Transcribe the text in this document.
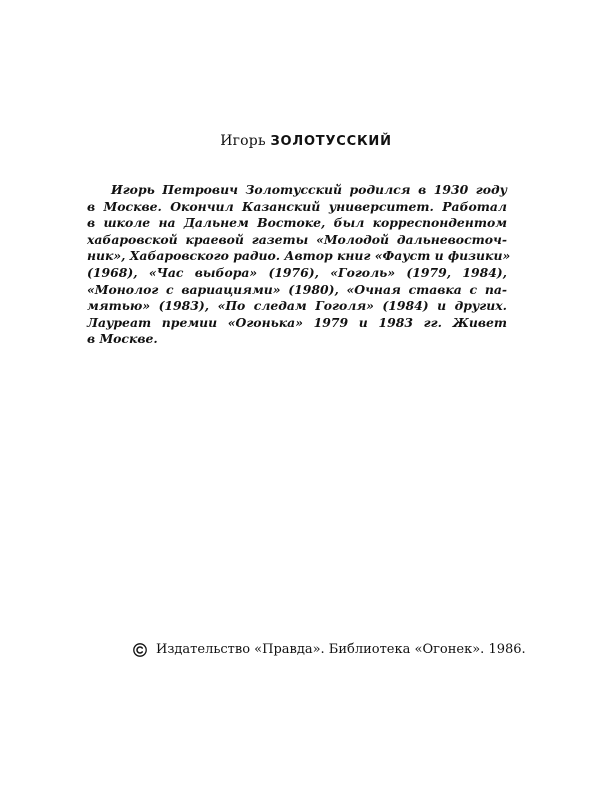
Игорь ЗОЛОТУССКИЙ
Игорь Петрович Золотусский родился в 1930 году
в Москве. Окончил Казанский университет. Работал
в школе на Дальнем Востоке, был корреспондентом
хабаровской краевой газеты «Молодой дальневосточ-
ник», Хабаровского радио. Автор книг «Фауст и физики»
(1968), «Час выбора» (1976), «Гоголь» (1979, 1984),
«Монолог с вариациями» (1980), «Очная ставка с па-
мятью» (1983), «По следам Гоголя» (1984) и других.
Лауреат премии «Огонька» 1979 и 1983 гг. Живет
в Москве.
Издательство «Правда». Библиотека «Огонек». 1986.
